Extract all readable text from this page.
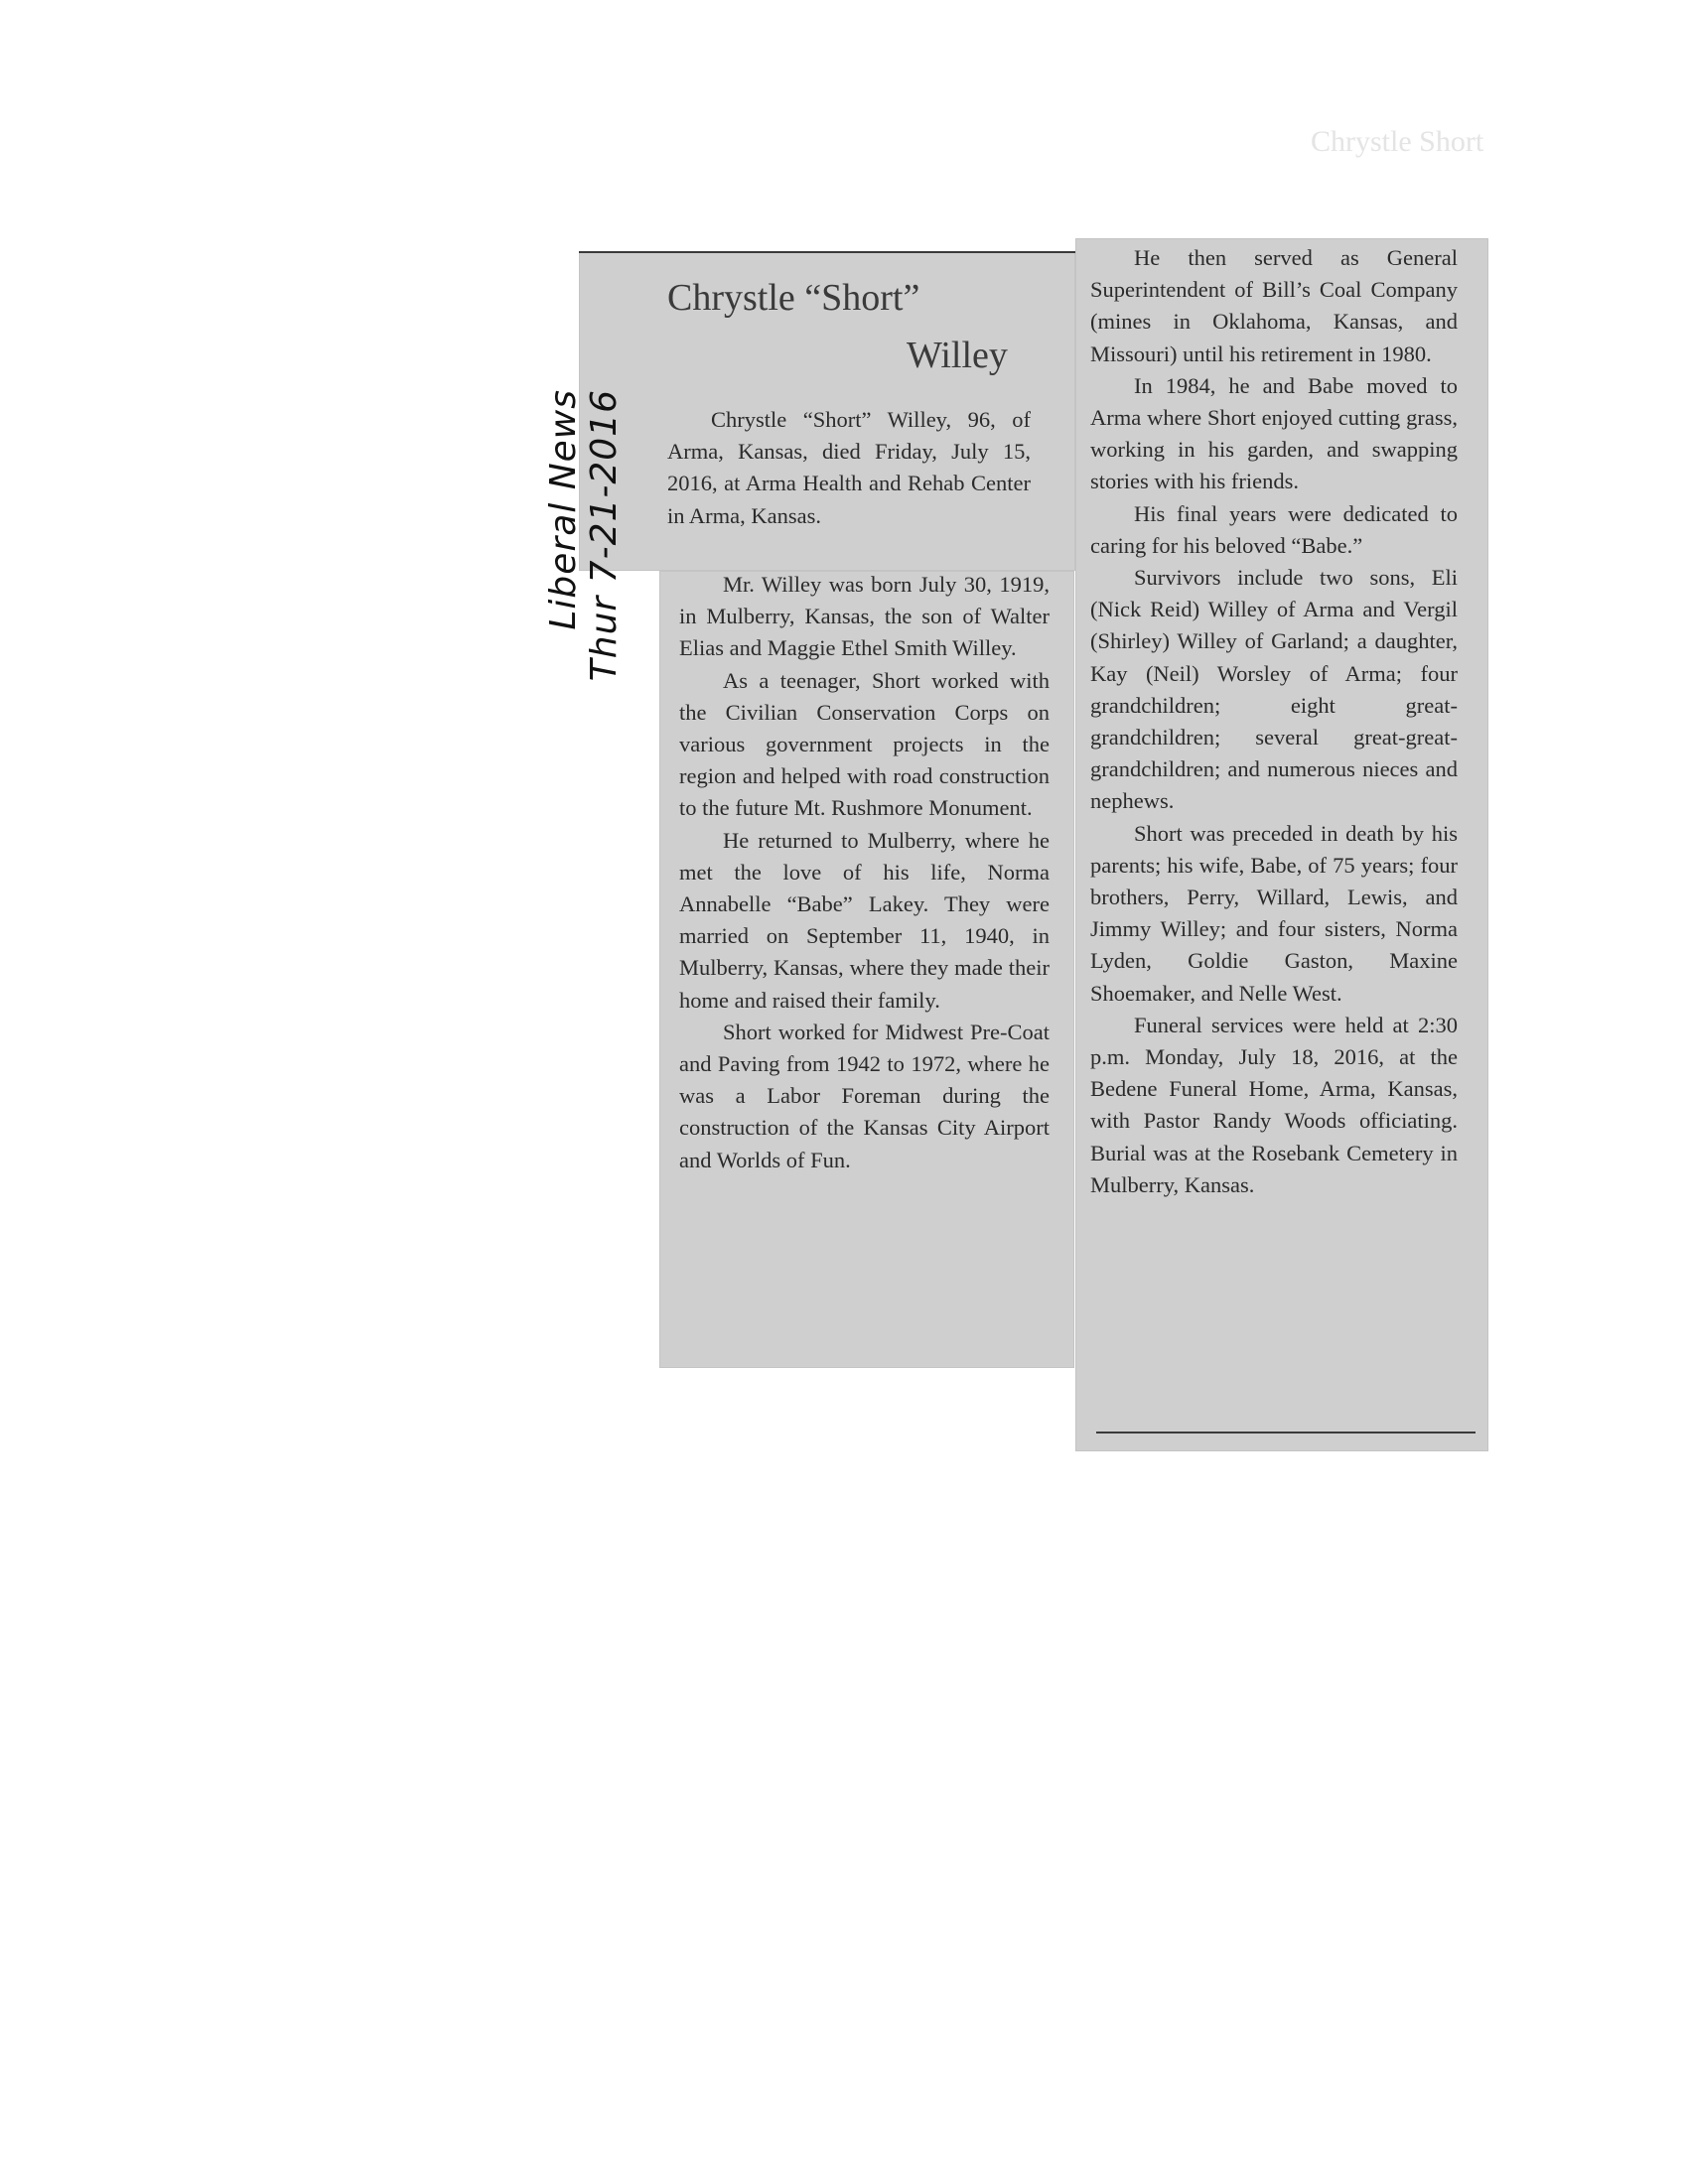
Chrystle Short
Liberal News Thur 7-21-2016
Chrystle “Short”
Willey

Chrystle “Short” Willey, 96, of Arma, Kansas, died Friday, July 15, 2016, at Arma Health and Rehab Center in Arma, Kansas.

Mr. Willey was born July 30, 1919, in Mulberry, Kansas, the son of Walter Elias and Maggie Ethel Smith Willey.

As a teenager, Short worked with the Civilian Conservation Corps on various government projects in the region and helped with road construction to the future Mt. Rushmore Monument.

He returned to Mulberry, where he met the love of his life, Norma Annabelle “Babe” Lakey. They were married on September 11, 1940, in Mulberry, Kansas, where they made their home and raised their family.

Short worked for Midwest Pre-Coat and Paving from 1942 to 1972, where he was a Labor Foreman during the construction of the Kansas City Airport and Worlds of Fun.

He then served as General Superintendent of Bill’s Coal Company (mines in Oklahoma, Kansas, and Missouri) until his retirement in 1980.

In 1984, he and Babe moved to Arma where Short enjoyed cutting grass, working in his garden, and swapping stories with his friends.

His final years were dedicated to caring for his beloved “Babe.”

Survivors include two sons, Eli (Nick Reid) Willey of Arma and Vergil (Shirley) Willey of Garland; a daughter, Kay (Neil) Worsley of Arma; four grandchildren; eight great-grandchildren; several great-great-grandchildren; and numerous nieces and nephews.

Short was preceded in death by his parents; his wife, Babe, of 75 years; four brothers, Perry, Willard, Lewis, and Jimmy Willey; and four sisters, Norma Lyden, Goldie Gaston, Maxine Shoemaker, and Nelle West.

Funeral services were held at 2:30 p.m. Monday, July 18, 2016, at the Bedene Funeral Home, Arma, Kansas, with Pastor Randy Woods officiating. Burial was at the Rosebank Cemetery in Mulberry, Kansas.
